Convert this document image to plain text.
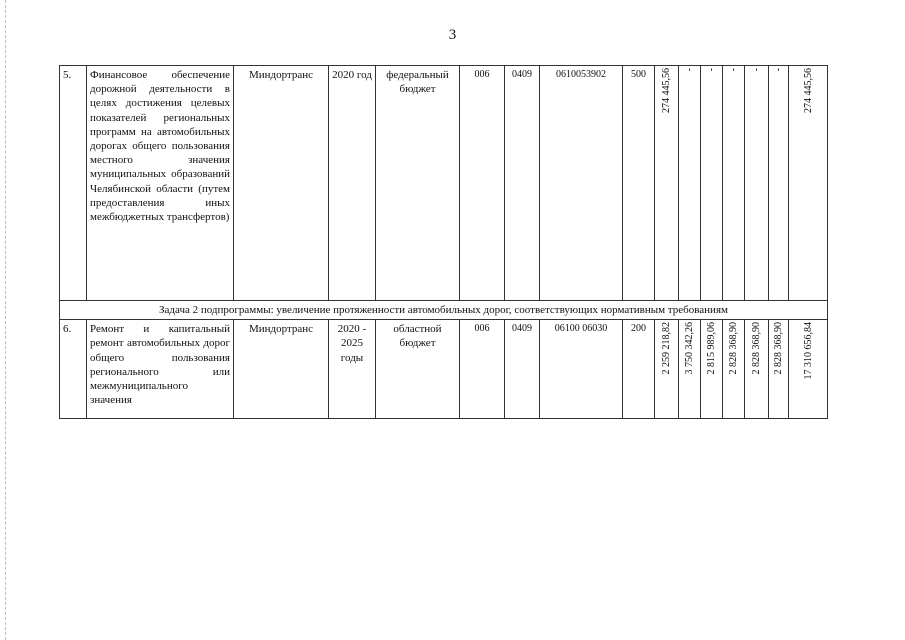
3
5.	Финансовое обеспечение дорожной деятельности в целях достижения целевых показателей региональных программ на автомобильных дорогах общего пользования местного значения муниципальных образований Челябинской области (путем предоставления иных межбюджетных трансфертов)	Миндортранс	2020 год	федеральный бюджет	006	0409	0610053902	500	274 445,56	-	-	-	-	-	274 445,56

Задача 2 подпрограммы: увеличение протяженности автомобильных дорог, соответствующих нормативным требованиям															
6.	Ремонт и капитальный ремонт автомобильных дорог общего пользования регионального или межмуниципального значения	Миндортранс	2020 - 2025 годы	областной бюджет	006	0409	06100 06030	200	2 259 218,82	3 750 342,26	2 815 989,06	2 828 368,90	2 828 368,90	2 828 368,90	17 310 656,84
